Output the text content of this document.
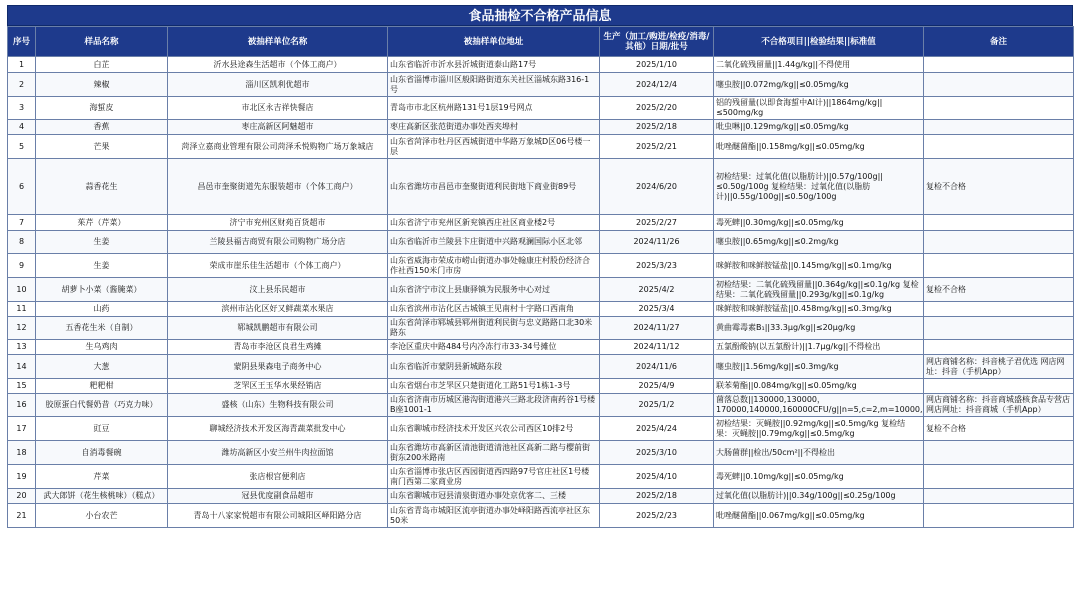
食品抽检不合格产品信息
序号	样品名称	被抽样单位名称	被抽样单位地址	生产（加工/购进/检疫/消毒/其他）日期/批号	不合格项目||检验结果||标准值	备注
1	白芷	沂水县途森生活超市（个体工商户）	山东省临沂市沂水县沂城街道泰山路17号	2025/1/10	二氧化硫残留量||1.44g/kg||不得使用	
2	辣椒	淄川区凯利优超市	山东省淄博市淄川区般阳路街道东关社区淄城东路316-1号	2024/12/4	噻虫胺||0.072mg/kg||≤0.05mg/kg	
3	海蜇皮	市北区永吉祥快餐店	青岛市市北区杭州路131号1层19号网点	2025/2/20	铝的残留量(以即食海蜇中Al计)||1864mg/kg||≤500mg/kg	
4	香蕉	枣庄高新区阿魅超市	枣庄高新区张范街道办事处西夹埠村	2025/2/18	吡虫啉||0.129mg/kg||≤0.05mg/kg	
5	芒果	菏泽立嘉商业管理有限公司菏泽禾悦购物广场万象城店	山东省菏泽市牡丹区西城街道中华路万象城D区06号楼一层	2025/2/21	吡唑醚菌酯||0.158mg/kg||≤0.05mg/kg	
6	蒜香花生	昌邑市奎聚街道先东服装超市（个体工商户）	山东省潍坊市昌邑市奎聚街道利民街地下商业街89号	2024/6/20	初检结果：过氧化值(以脂肪计)||0.57g/100g||≤0.50g/100g 复检结果：过氧化值(以脂肪计)||0.55g/100g||≤0.50g/100g	复检不合格
7	茱芹（芹菜）	济宁市兖州区财苑百货超市	山东省济宁市兖州区新兖镇西庄社区商业楼2号	2025/2/27	毒死蜱||0.30mg/kg||≤0.05mg/kg	
8	生姜	兰陵县福吉商贸有限公司购物广场分店	山东省临沂市兰陵县卞庄街道中兴路观澜国际小区北邻	2024/11/26	噻虫胺||0.65mg/kg||≤0.2mg/kg	
9	生姜	荣成市崖乐佳生活超市（个体工商户）	山东省威海市荣成市崂山街道办事处翰康庄村股份经济合作社西150米门市房	2025/3/23	咪鲜胺和咪鲜胺锰盐||0.145mg/kg||≤0.1mg/kg	
10	胡萝卜小菜（酱腌菜）	汶上县乐民超市	山东省济宁市汶上县康驿镇为民服务中心对过	2025/4/2	初检结果：二氧化硫残留量||0.364g/kg||≤0.1g/kg 复检结果：二氧化硫残留量||0.293g/kg||≤0.1g/kg	复检不合格
11	山药	滨州市沾化区好又鲜蔬菜水果店	山东省滨州市沾化区古城镇王见南村十字路口西南角	2025/3/4	咪鲜胺和咪鲜胺锰盐||0.458mg/kg||≤0.3mg/kg	
12	五香花生米（自制）	郓城凯鹏超市有限公司	山东省菏泽市郓城县郓州街道利民街与忠义路路口北30米路东	2024/11/27	黄曲霉毒素B₁||33.3μg/kg||≤20μg/kg	
13	生乌鸡肉	青岛市李沧区良君生鸡摊	李沧区重庆中路484号内冷冻行市33-34号摊位	2024/11/12	五氯酚酸钠(以五氯酚计)||1.7μg/kg||不得检出	
14	大葱	蒙阴县果森电子商务中心	山东省临沂市蒙阴县新城路东段	2024/11/6	噻虫胺||1.56mg/kg||≤0.3mg/kg	网店商铺名称：抖音桃子君优选 网店网址：抖音（手机App）
15	粑粑柑	芝罘区王玉华水果经销店	山东省烟台市芝罘区只楚街道化工路51号1栋1-3号	2025/4/9	联苯菊酯||0.084mg/kg||≤0.05mg/kg	
16	胶原蛋白代餐奶昔（巧克力味）	盛核（山东）生物科技有限公司	山东省济南市历城区港沟街道港兴三路北段济南药谷1号楼B座1001-1	2025/1/2	菌落总数||130000,130000，170000,140000,160000CFU/g||n=5,c=2,m=10000,	网店商铺名称：抖音商城盛核食品专营店 网店网址：抖音商城（手机App）
17	豇豆	聊城经济技术开发区海青蔬菜批发中心	山东省聊城市经济技术开发区兴农公司西区10排2号	2025/4/24	初检结果：灭蝇胺||0.92mg/kg||≤0.5mg/kg 复检结果：灭蝇胺||0.79mg/kg||≤0.5mg/kg	复检不合格
18	自消毒餐碗	潍坊高新区小安兰州牛肉拉面馆	山东省潍坊市高新区清池街道清池社区高新二路与樱前街街东200米路南	2025/3/10	大肠菌群||检出/50cm²||不得检出	
19	芹菜	张店根宫便利店	山东省淄博市张店区西园街道西四路97号官庄社区1号楼南门西第二家商业房	2025/4/10	毒死蜱||0.10mg/kg||≤0.05mg/kg	
20	武大郎饼（花生核桃味）（糕点）	冠县优度副食品超市	山东省聊城市冠县清泉街道办事处京优客二、三楼	2025/2/18	过氧化值(以脂肪计)||0.34g/100g||≤0.25g/100g	
21	小台农芒	青岛十八家家悦超市有限公司城阳区峄阳路分店	山东省青岛市城阳区流亭街道办事处峄阳路西流亭社区东50米	2025/2/23	吡唑醚菌酯||0.067mg/kg||≤0.05mg/kg	
